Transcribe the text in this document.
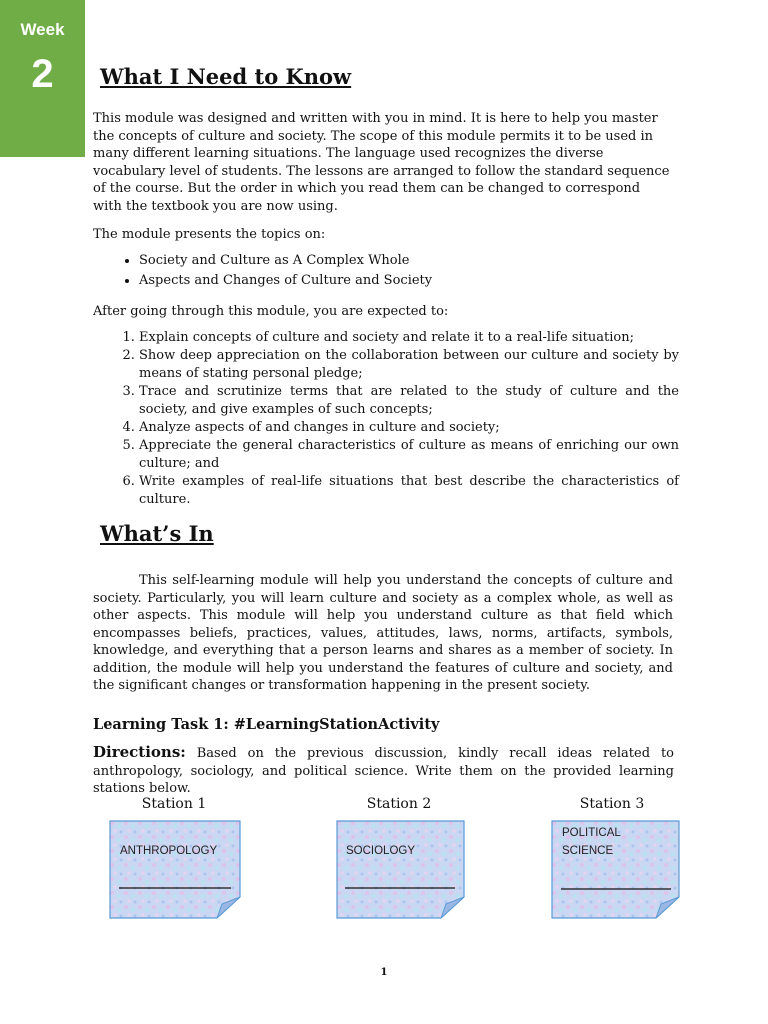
Week
2	What I Need to Know

This module was designed and written with you in mind. It is here to help you master the concepts of culture and society. The scope of this module permits it to be used in many different learning situations. The language used recognizes the diverse vocabulary level of students. The lessons are arranged to follow the standard sequence of the course. But the order in which you read them can be changed to correspond with the textbook you are now using.

The module presents the topics on:

• Society and Culture as A Complex Whole
• Aspects and Changes of Culture and Society

After going through this module, you are expected to:

1. Explain concepts of culture and society and relate it to a real-life situation;
2. Show deep appreciation on the collaboration between our culture and society by means of stating personal pledge;
3. Trace and scrutinize terms that are related to the study of culture and the society, and give examples of such concepts;
4. Analyze aspects of and changes in culture and society;
5. Appreciate the general characteristics of culture as means of enriching our own culture; and
6. Write examples of real-life situations that best describe the characteristics of culture.
What’s In

This self-learning module will help you understand the concepts of culture and society. Particularly, you will learn culture and society as a complex whole, as well as other aspects. This module will help you understand culture as that field which encompasses beliefs, practices, values, attitudes, laws, norms, artifacts, symbols, knowledge, and everything that a person learns and shares as a member of society. In addition, the module will help you understand the features of culture and society, and the significant changes or transformation happening in the present society.

Learning Task 1: #LearningStationActivity

Directions: Based on the previous discussion, kindly recall ideas related to anthropology, sociology, and political science. Write them on the provided learning stations below.

Station 1	Station 2	Station 3
ANTHROPOLOGY	SOCIOLOGY
POLITICAL
SCIENCE
1
